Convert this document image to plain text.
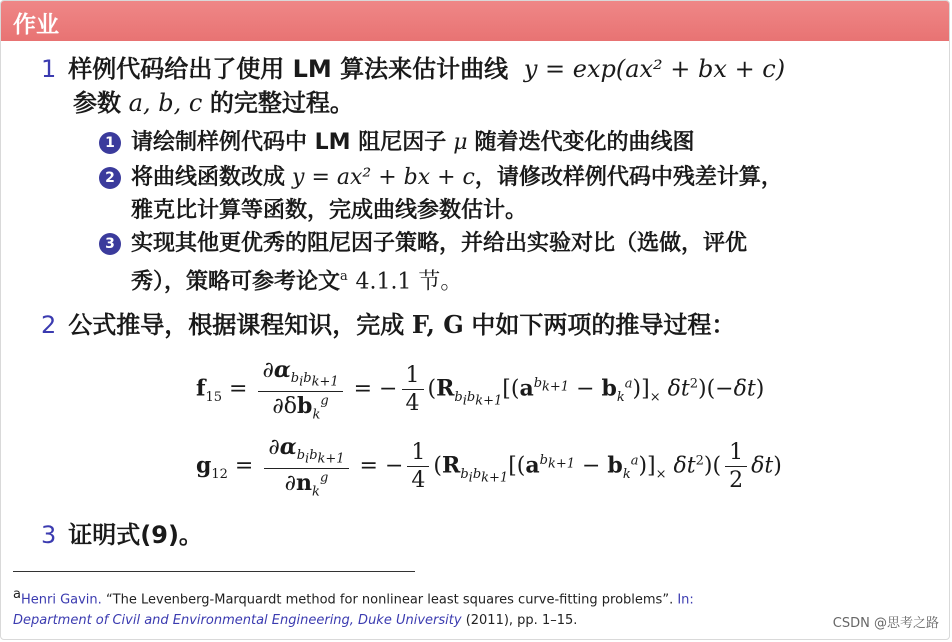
作业
1 样例代码给出了使用 LM 算法来估计曲线 y = exp(ax² + bx + c)
参数 a, b, c 的完整过程。
1 请绘制样例代码中 LM 阻尼因子 μ 随着迭代变化的曲线图
2 将曲线函数改成 y = ax² + bx + c，请修改样例代码中残差计算，
雅克比计算等函数，完成曲线参数估计。
3 实现其他更优秀的阻尼因子策略，并给出实验对比（选做，评优
秀），策略可参考论文$^a$ 4.1.1 节。
2 公式推导，根据课程知识，完成 F, G 中如下两项的推导过程：
$f_{15} = \frac{\partial\alpha_{b_ib_{k+1}}}{\partial\delta b_k^g}$ = − $\frac{1}{4} (R_{b_ib_{k+1}}[(a^{b_{k+1}} - b_k^a)]_\times$ $\delta t^2)(-\delta t)$
$g_{12} = \frac{\partial\alpha_{b_ib_{k+1}}}{\partial n_k^g}$ = − $\frac{1}{4} (R_{b_ib_{k+1}}[(a^{b_{k+1}} - b_k^a)]_\times$ $\delta t^2)( \frac{1}{2} \delta t)$
3 证明式(9)。
$^a$Henri Gavin. “The Levenberg-Marquardt method for nonlinear least squares curve-fitting problems”. In:
Department of Civil and Environmental Engineering, Duke University (2011), pp. 1–15.	CSDN @思考之路
